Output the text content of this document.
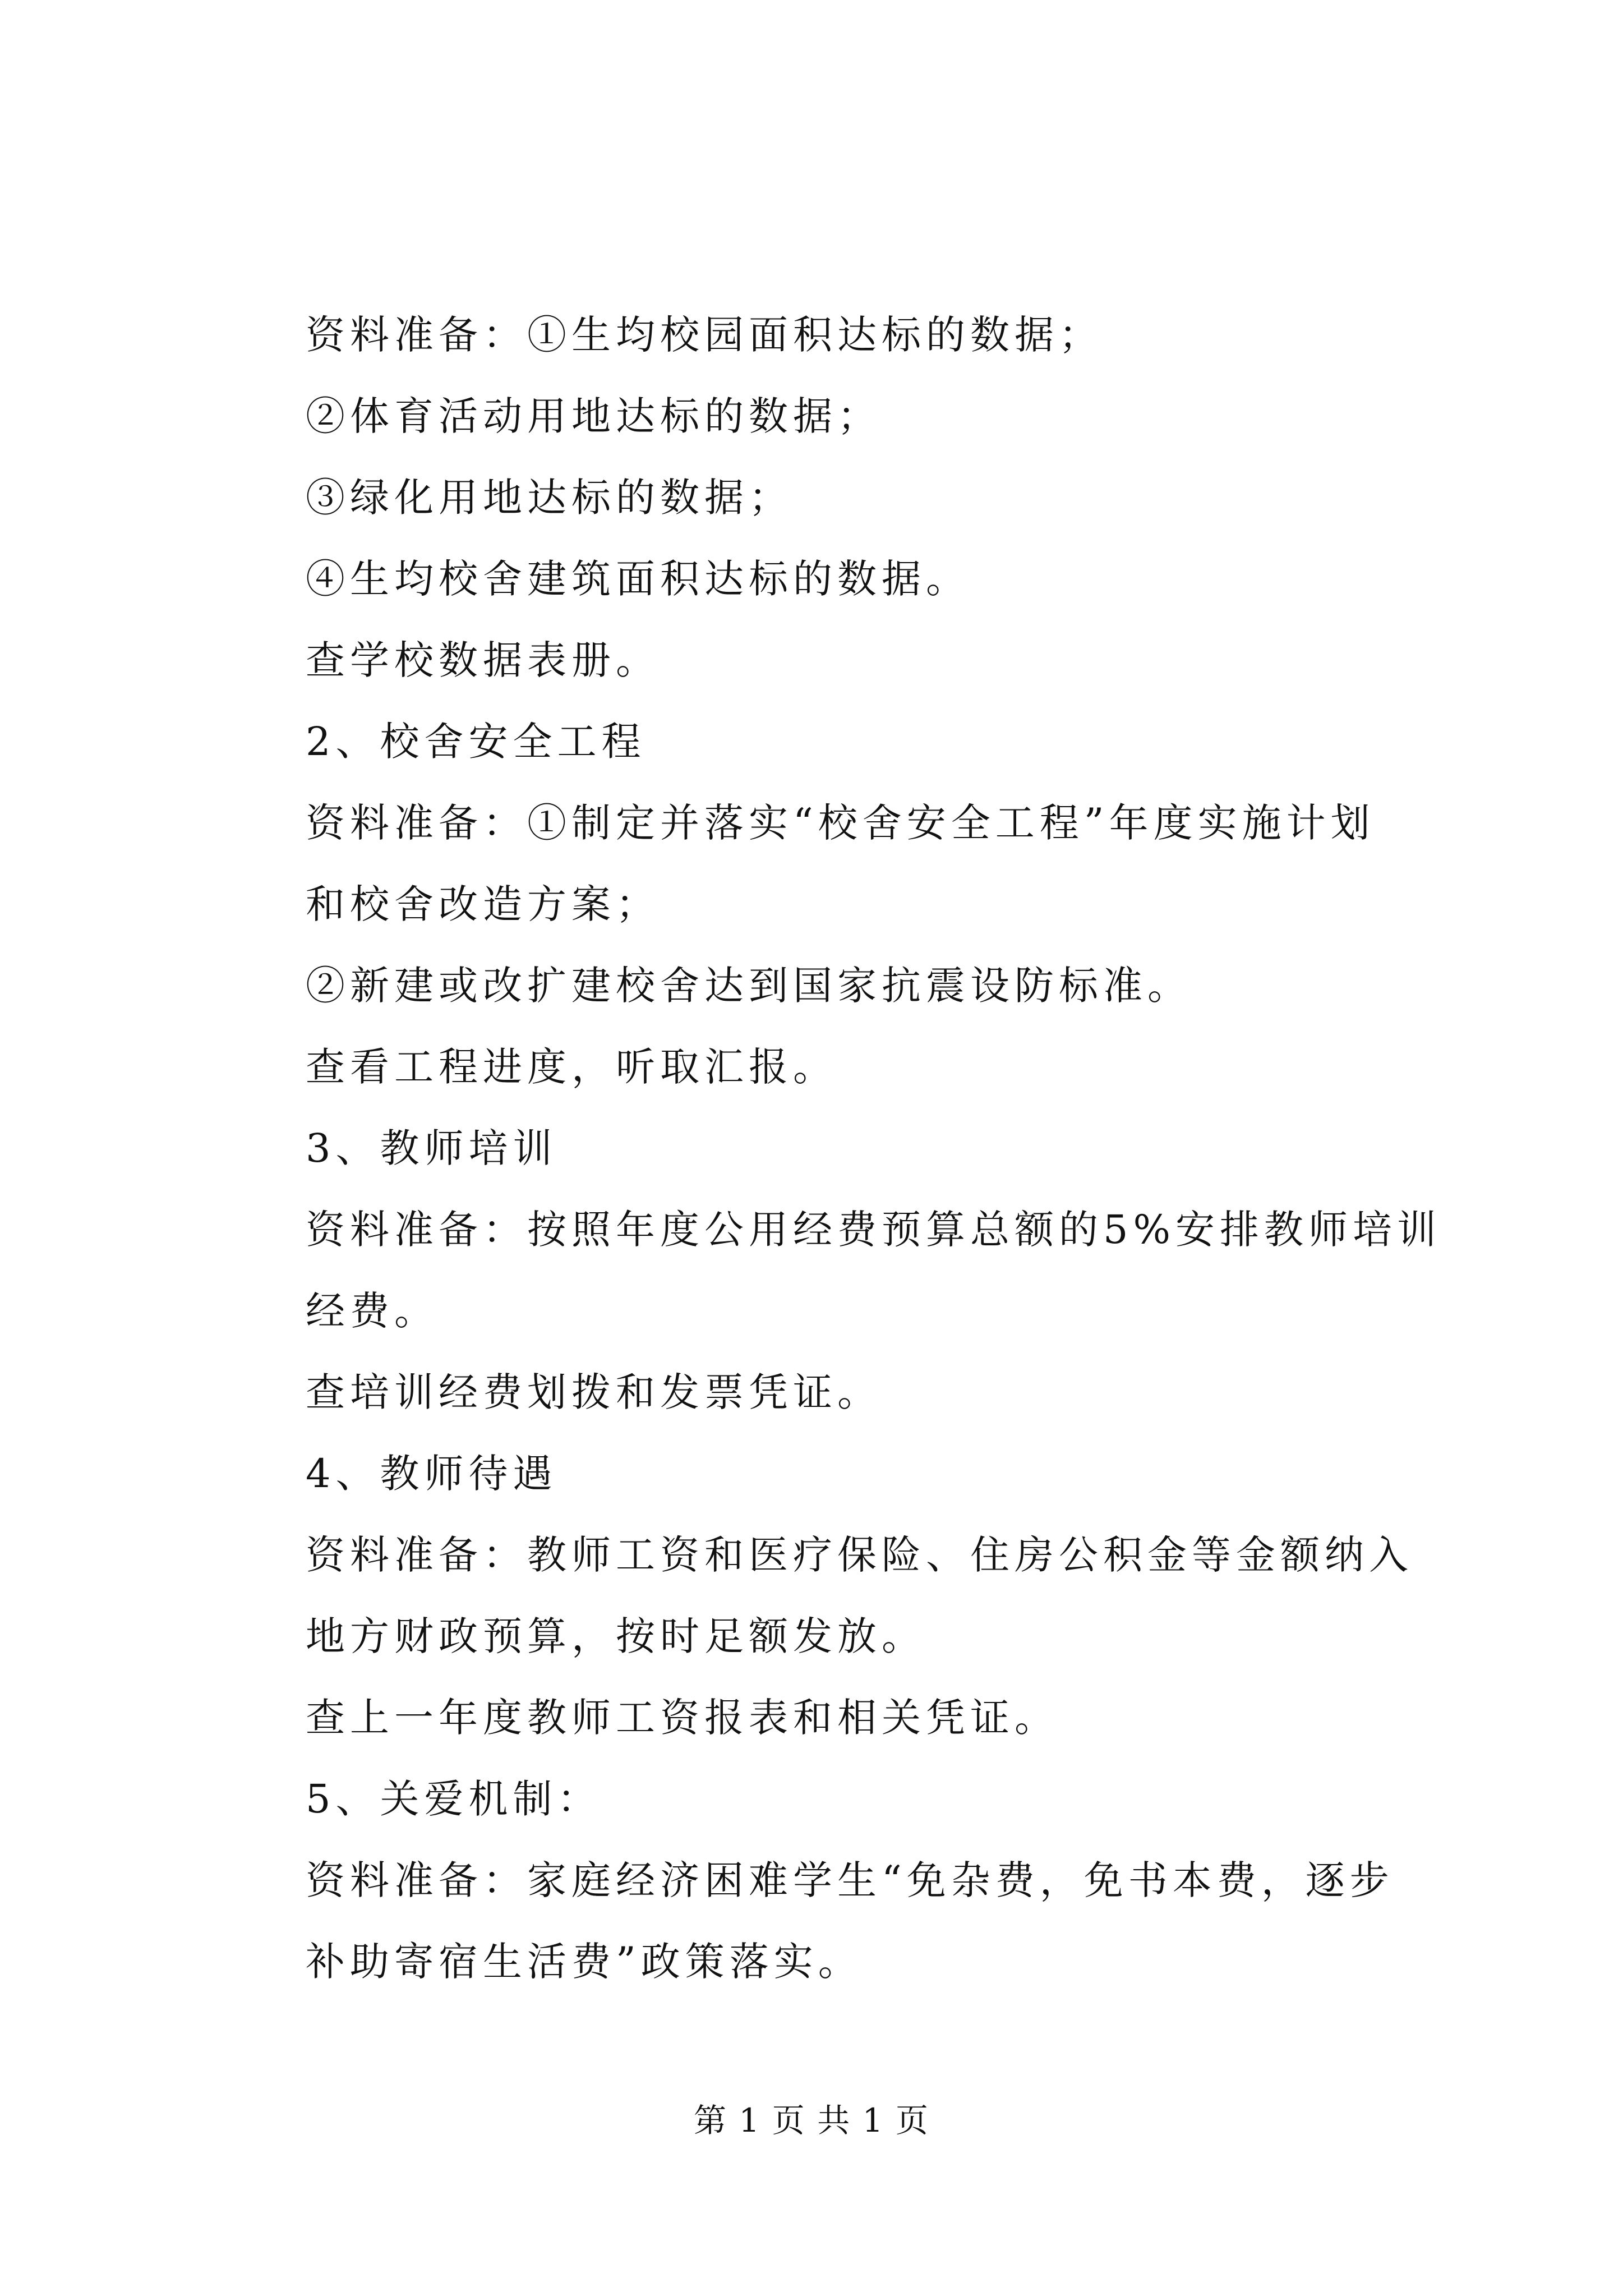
资料准备：①生均校园面积达标的数据；

②体育活动用地达标的数据；

③绿化用地达标的数据；

④生均校舍建筑面积达标的数据。

查学校数据表册。

2、校舍安全工程

资料准备：①制定并落实“校舍安全工程”年度实施计划

和校舍改造方案；

②新建或改扩建校舍达到国家抗震设防标准。

查看工程进度，听取汇报。

3、教师培训

资料准备：按照年度公用经费预算总额的5%安排教师培训

经费。

查培训经费划拨和发票凭证。

4、教师待遇

资料准备：教师工资和医疗保险、住房公积金等金额纳入

地方财政预算，按时足额发放。

查上一年度教师工资报表和相关凭证。

5、关爱机制：

资料准备：家庭经济困难学生“免杂费，免书本费，逐步

补助寄宿生活费”政策落实。

第 1 页 共 1 页
